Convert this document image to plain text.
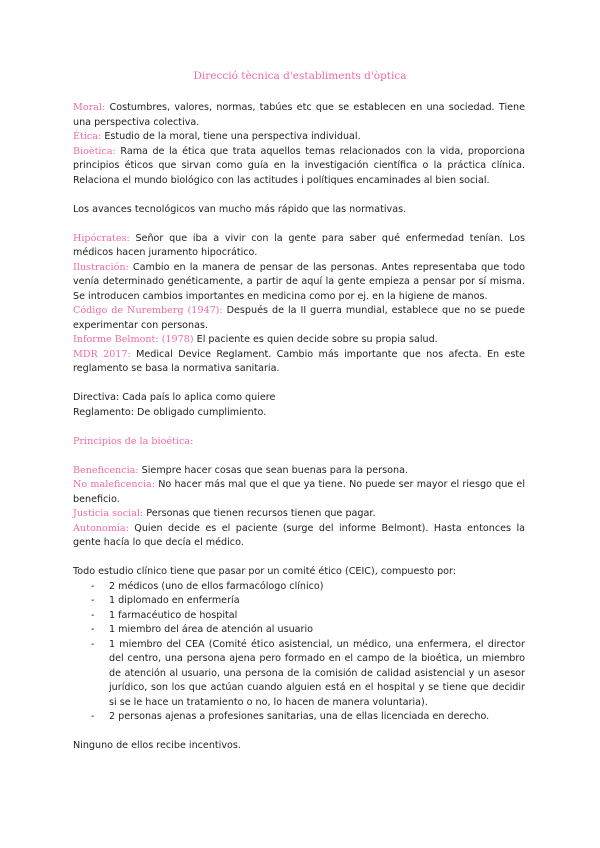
Direcció tècnica d'establiments d'òptica

Moral: Costumbres, valores, normas, tabúes etc que se establecen en una sociedad. Tiene una perspectiva colectiva.

Ética: Estudio de la moral, tiene una perspectiva individual.

Bioètica: Rama de la ética que trata aquellos temas relacionados con la vida, proporciona principios éticos que sirvan como guía en la investigación científica o la práctica clínica. Relaciona el mundo biológico con las actitudes i polítiques encaminades al bien social.

Los avances tecnológicos van mucho más rápido que las normativas.

Hipócrates: Señor que iba a vivir con la gente para saber qué enfermedad tenían. Los médicos hacen juramento hipocrático.

Ilustración: Cambio en la manera de pensar de las personas. Antes representaba que todo venía determinado genéticamente, a partir de aquí la gente empieza a pensar por sí misma. Se introducen cambios importantes en medicina como por ej. en la higiene de manos.

Código de Nuremberg (1947): Después de la II guerra mundial, establece que no se puede experimentar con personas.

Informe Belmont: (1978) El paciente es quien decide sobre su propia salud.

MDR 2017: Medical Device Reglament. Cambio más importante que nos afecta. En este reglamento se basa la normativa sanitaria.

Directiva: Cada país lo aplica como quiere

Reglamento: De obligado cumplimiento.

Principios de la bioética:

Beneficencia: Siempre hacer cosas que sean buenas para la persona.

No maleficencia: No hacer más mal que el que ya tiene. No puede ser mayor el riesgo que el beneficio.

Justicia social: Personas que tienen recursos tienen que pagar.

Autonomía: Quien decide es el paciente (surge del informe Belmont). Hasta entonces la gente hacía lo que decía el médico.

Todo estudio clínico tiene que pasar por un comité ético (CEIC), compuesto por:

- 2 médicos (uno de ellos farmacólogo clínico)
- 1 diplomado en enfermería
- 1 farmacéutico de hospital
- 1 miembro del área de atención al usuario
- 1 miembro del CEA (Comité ético asistencial, un médico, una enfermera, el director del centro, una persona ajena pero formado en el campo de la bioética, un miembro de atención al usuario, una persona de la comisión de calidad asistencial y un asesor jurídico, son los que actúan cuando alguien está en el hospital y se tiene que decidir si se le hace un tratamiento o no, lo hacen de manera voluntaria).
- 2 personas ajenas a profesiones sanitarias, una de ellas licenciada en derecho.

Ninguno de ellos recibe incentivos.
